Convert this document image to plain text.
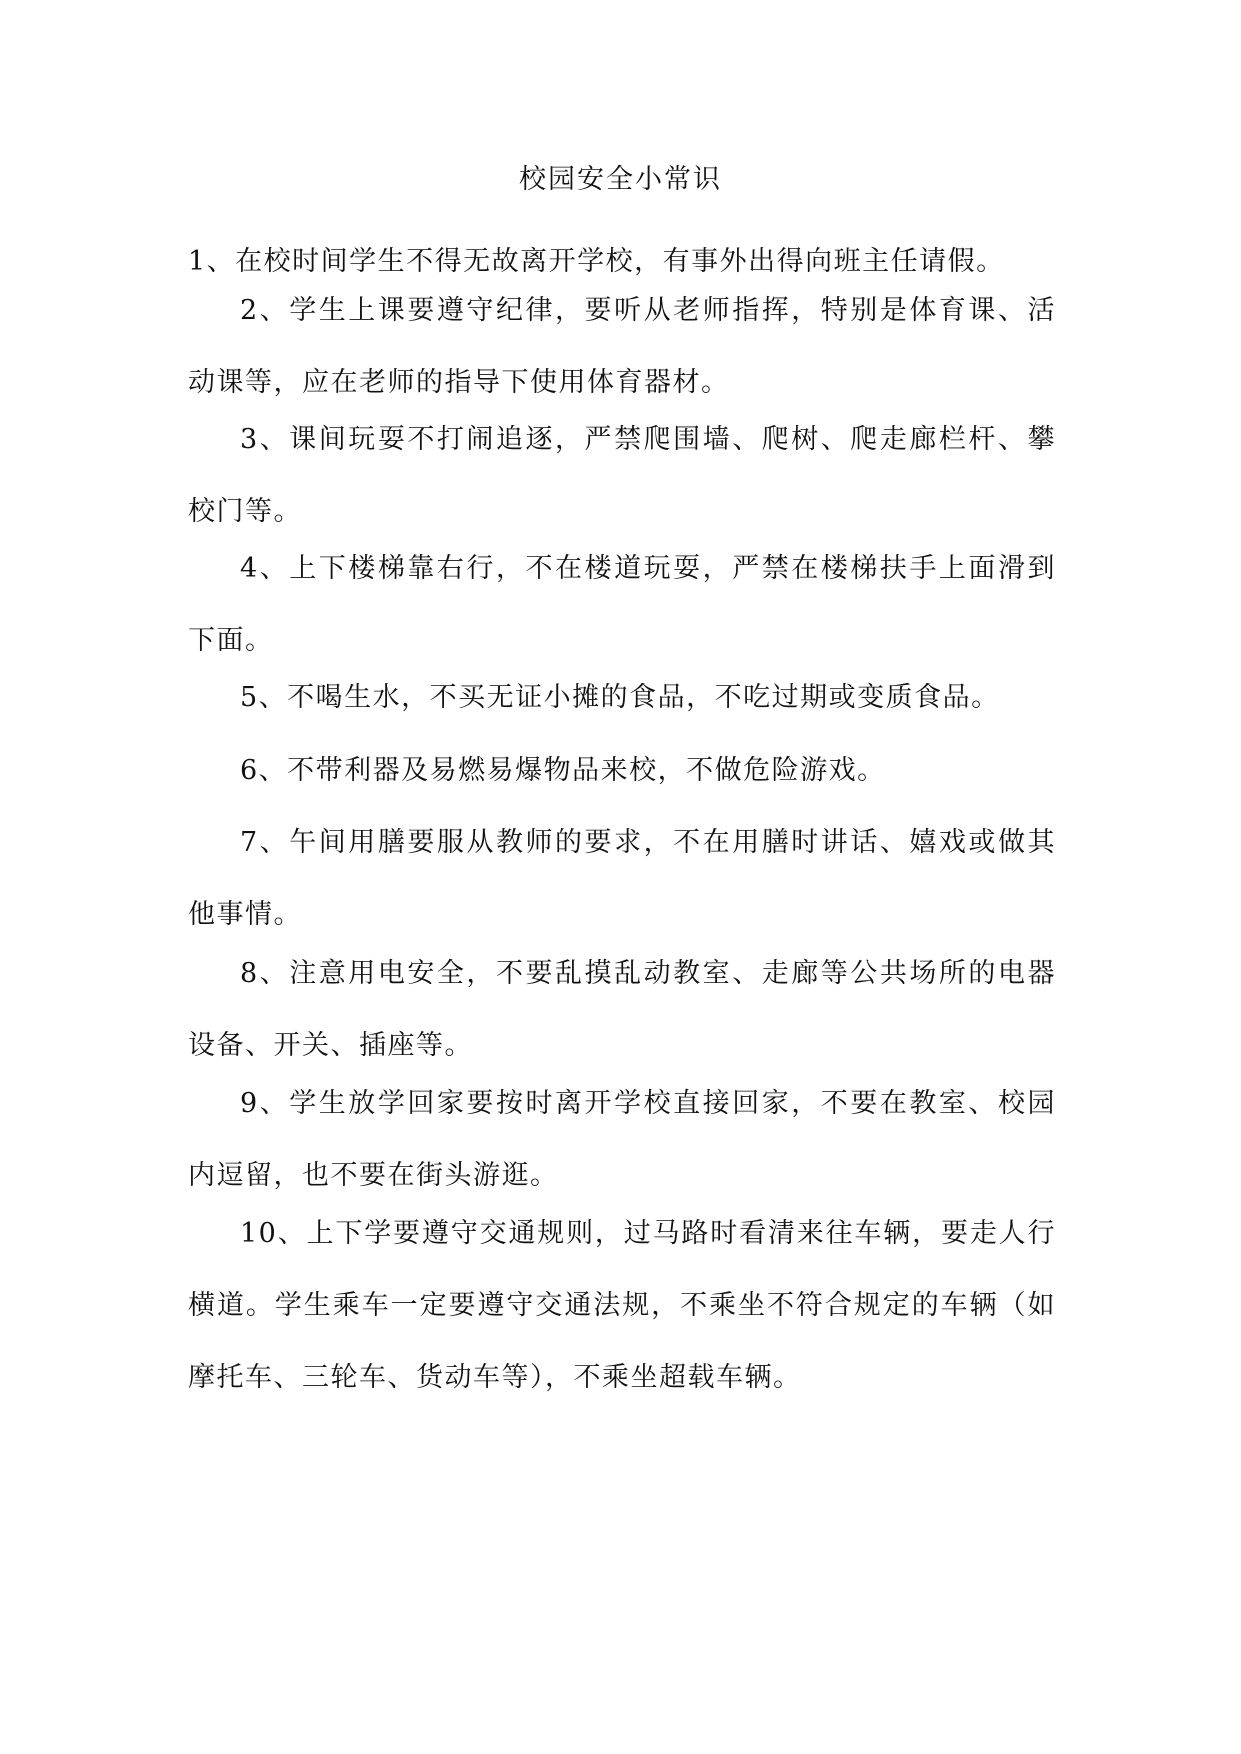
校园安全小常识
1、在校时间学生不得无故离开学校，有事外出得向班主任请假。
2、学生上课要遵守纪律，要听从老师指挥，特别是体育课、活动课等，应在老师的指导下使用体育器材。
3、课间玩耍不打闹追逐，严禁爬围墙、爬树、爬走廊栏杆、攀校门等。
4、上下楼梯靠右行，不在楼道玩耍，严禁在楼梯扶手上面滑到下面。
5、不喝生水，不买无证小摊的食品，不吃过期或变质食品。
6、不带利器及易燃易爆物品来校，不做危险游戏。
7、午间用膳要服从教师的要求，不在用膳时讲话、嬉戏或做其他事情。
8、注意用电安全，不要乱摸乱动教室、走廊等公共场所的电器设备、开关、插座等。
9、学生放学回家要按时离开学校直接回家，不要在教室、校园内逗留，也不要在街头游逛。
10、上下学要遵守交通规则，过马路时看清来往车辆，要走人行横道。学生乘车一定要遵守交通法规，不乘坐不符合规定的车辆（如摩托车、三轮车、货动车等），不乘坐超载车辆。
